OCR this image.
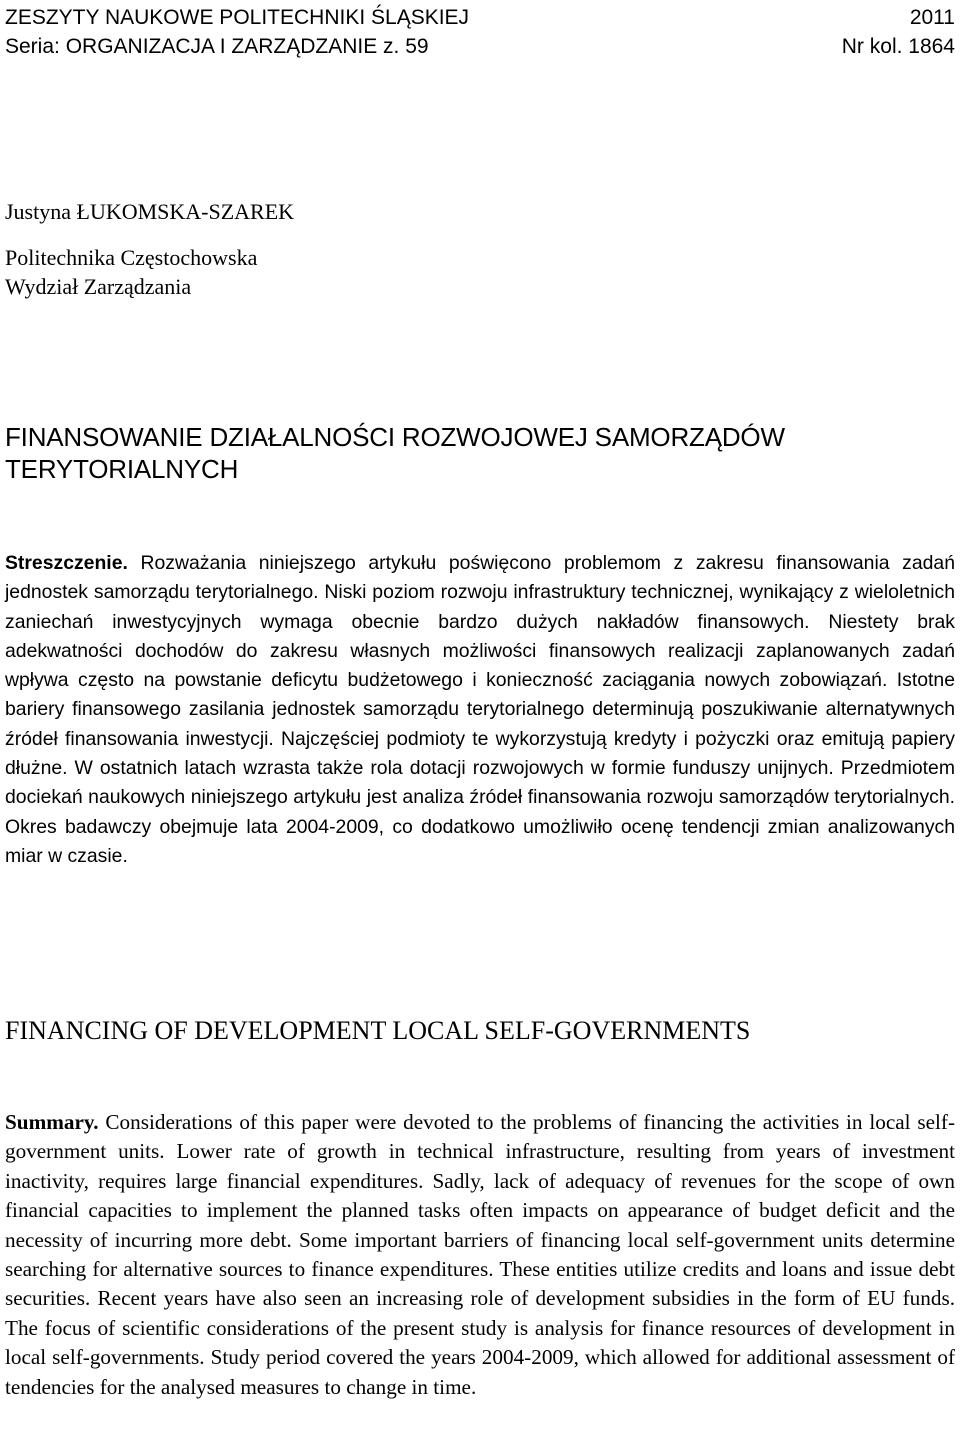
ZESZYTY NAUKOWE POLITECHNIKI ŚLĄSKIEJ	2011
Seria: ORGANIZACJA I ZARZĄDZANIE z. 59	Nr kol. 1864
Justyna ŁUKOMSKA-SZAREK
Politechnika Częstochowska
Wydział Zarządzania
FINANSOWANIE DZIAŁALNOŚCI ROZWOJOWEJ SAMORZĄDÓW TERYTORIALNYCH
Streszczenie. Rozważania niniejszego artykułu poświęcono problemom z zakresu finansowania zadań jednostek samorządu terytorialnego. Niski poziom rozwoju infrastruktury technicznej, wynikający z wieloletnich zaniechań inwestycyjnych wymaga obecnie bardzo dużych nakładów finansowych. Niestety brak adekwatności dochodów do zakresu własnych możliwości finansowych realizacji zaplanowanych zadań wpływa często na powstanie deficytu budżetowego i konieczność zaciągania nowych zobowiązań. Istotne bariery finansowego zasilania jednostek samorządu terytorialnego determinują poszukiwanie alternatywnych źródeł finansowania inwestycji. Najczęściej podmioty te wykorzystują kredyty i pożyczki oraz emitują papiery dłużne. W ostatnich latach wzrasta także rola dotacji rozwojowych w formie funduszy unijnych. Przedmiotem dociekań naukowych niniejszego artykułu jest analiza źródeł finansowania rozwoju samorządów terytorialnych. Okres badawczy obejmuje lata 2004-2009, co dodatkowo umożliwiło ocenę tendencji zmian analizowanych miar w czasie.
FINANCING OF DEVELOPMENT LOCAL SELF-GOVERNMENTS
Summary. Considerations of this paper were devoted to the problems of financing the activities in local self-government units. Lower rate of growth in technical infrastructure, resulting from years of investment inactivity, requires large financial expenditures. Sadly, lack of adequacy of revenues for the scope of own financial capacities to implement the planned tasks often impacts on appearance of budget deficit and the necessity of incurring more debt. Some important barriers of financing local self-government units determine searching for alternative sources to finance expenditures. These entities utilize credits and loans and issue debt securities. Recent years have also seen an increasing role of development subsidies in the form of EU funds. The focus of scientific considerations of the present study is analysis for finance resources of development in local self-governments. Study period covered the years 2004-2009, which allowed for additional assessment of tendencies for the analysed measures to change in time.
